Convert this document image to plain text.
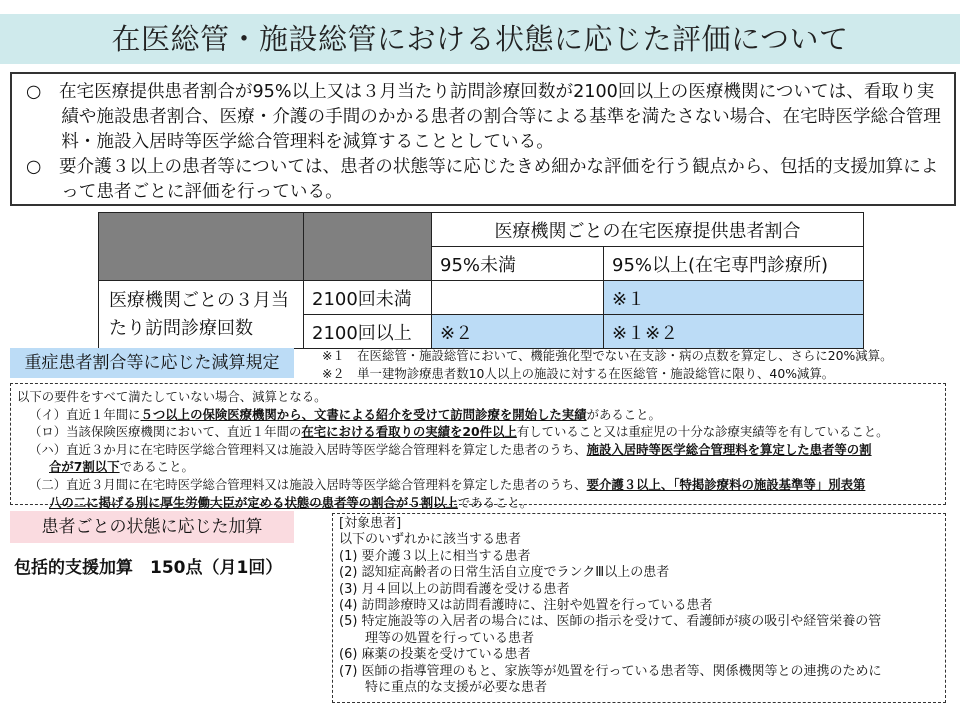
在医総管・施設総管における状態に応じた評価について

○　在宅医療提供患者割合が95%以上又は３月当たり訪問診療回数が2100回以上の医療機関については、看取り実績や施設患者割合、医療・介護の手間のかかる患者の割合等による基準を満たさない場合、在宅時医学総合管理料・施設入居時等医学総合管理料を減算することとしている。

○　要介護３以上の患者等については、患者の状態等に応じたきめ細かな評価を行う観点から、包括的支援加算によって患者ごとに評価を行っている。

		医療機関ごとの在宅医療提供患者割合	
		95%未満	95%以上(在宅専門診療所)
医療機関ごとの３月当たり訪問診療回数	2100回未満		※１
	2100回以上	※２	※１※２
重症患者割合等に応じた減算規定	※１　在医総管・施設総管において、機能強化型でない在支診・病の点数を算定し、さらに20%減算。
※２　単一建物診療患者数10人以上の施設に対する在医総管・施設総管に限り、40%減算。
以下の要件をすべて満たしていない場合、減算となる。
（イ）直近１年間に５つ以上の保険医療機関から、文書による紹介を受けて訪問診療を開始した実績があること。
（ロ）当該保険医療機関において、直近１年間の在宅における看取りの実績を20件以上有していること又は重症児の十分な診療実績等を有していること。
（ハ）直近３か月に在宅時医学総合管理料又は施設入居時等医学総合管理料を算定した患者のうち、施設入居時等医学総合管理料を算定した患者等の割
合が7割以下であること。
（二）直近３月間に在宅時医学総合管理料又は施設入居時等医学総合管理料を算定した患者のうち、要介護３以上、「特掲診療料の施設基準等」別表第
八の二に掲げる別に厚生労働大臣が定める状態の患者等の割合が５割以上であること。
患者ごとの状態に応じた加算
包括的支援加算　150点（月1回）
[対象患者]
以下のいずれかに該当する患者
(1) 要介護３以上に相当する患者
(2) 認知症高齢者の日常生活自立度でランクⅢ以上の患者
(3) 月４回以上の訪問看護を受ける患者
(4) 訪問診療時又は訪問看護時に、注射や処置を行っている患者
(5) 特定施設等の入居者の場合には、医師の指示を受けて、看護師が痰の吸引や経管栄養の管
理等の処置を行っている患者
(6) 麻薬の投薬を受けている患者
(7) 医師の指導管理のもと、家族等が処置を行っている患者等、関係機関等との連携のために
特に重点的な支援が必要な患者
